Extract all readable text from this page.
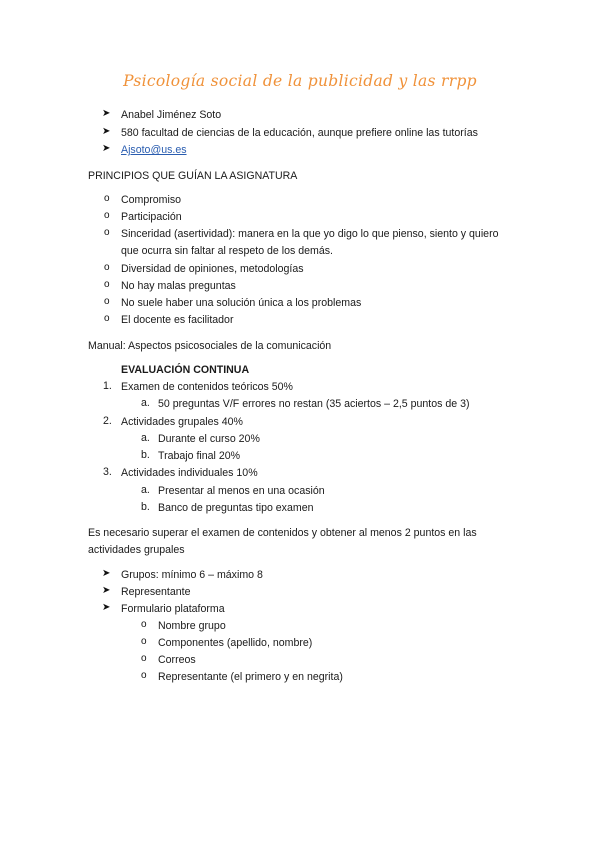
Psicología social de la publicidad y las rrpp
➤	Anabel Jiménez Soto
➤	580 facultad de ciencias de la educación, aunque prefiere online las tutorías
➤	Ajsoto@us.es
PRINCIPIOS QUE GUÍAN LA ASIGNATURA
o Compromiso
o Participación
o Sinceridad (asertividad): manera en la que yo digo lo que pienso, siento y quiero
que ocurra sin faltar al respeto de los demás.
o Diversidad de opiniones, metodologías
o No hay malas preguntas
o No suele haber una solución única a los problemas
o El docente es facilitador
Manual: Aspectos psicosociales de la comunicación
EVALUACIÓN CONTINUA
1. Examen de contenidos teóricos 50%
a. 50 preguntas V/F errores no restan (35 aciertos – 2,5 puntos de 3)
2. Actividades grupales 40%
a. Durante el curso 20%
b. Trabajo final 20%
3. Actividades individuales 10%
a. Presentar al menos en una ocasión
b. Banco de preguntas tipo examen
Es necesario superar el examen de contenidos y obtener al menos 2 puntos en las
actividades grupales
➤	Grupos: mínimo 6 – máximo 8
➤	Representante
➤	Formulario plataforma
o Nombre grupo
o Componentes (apellido, nombre)
o Correos
o Representante (el primero y en negrita)
